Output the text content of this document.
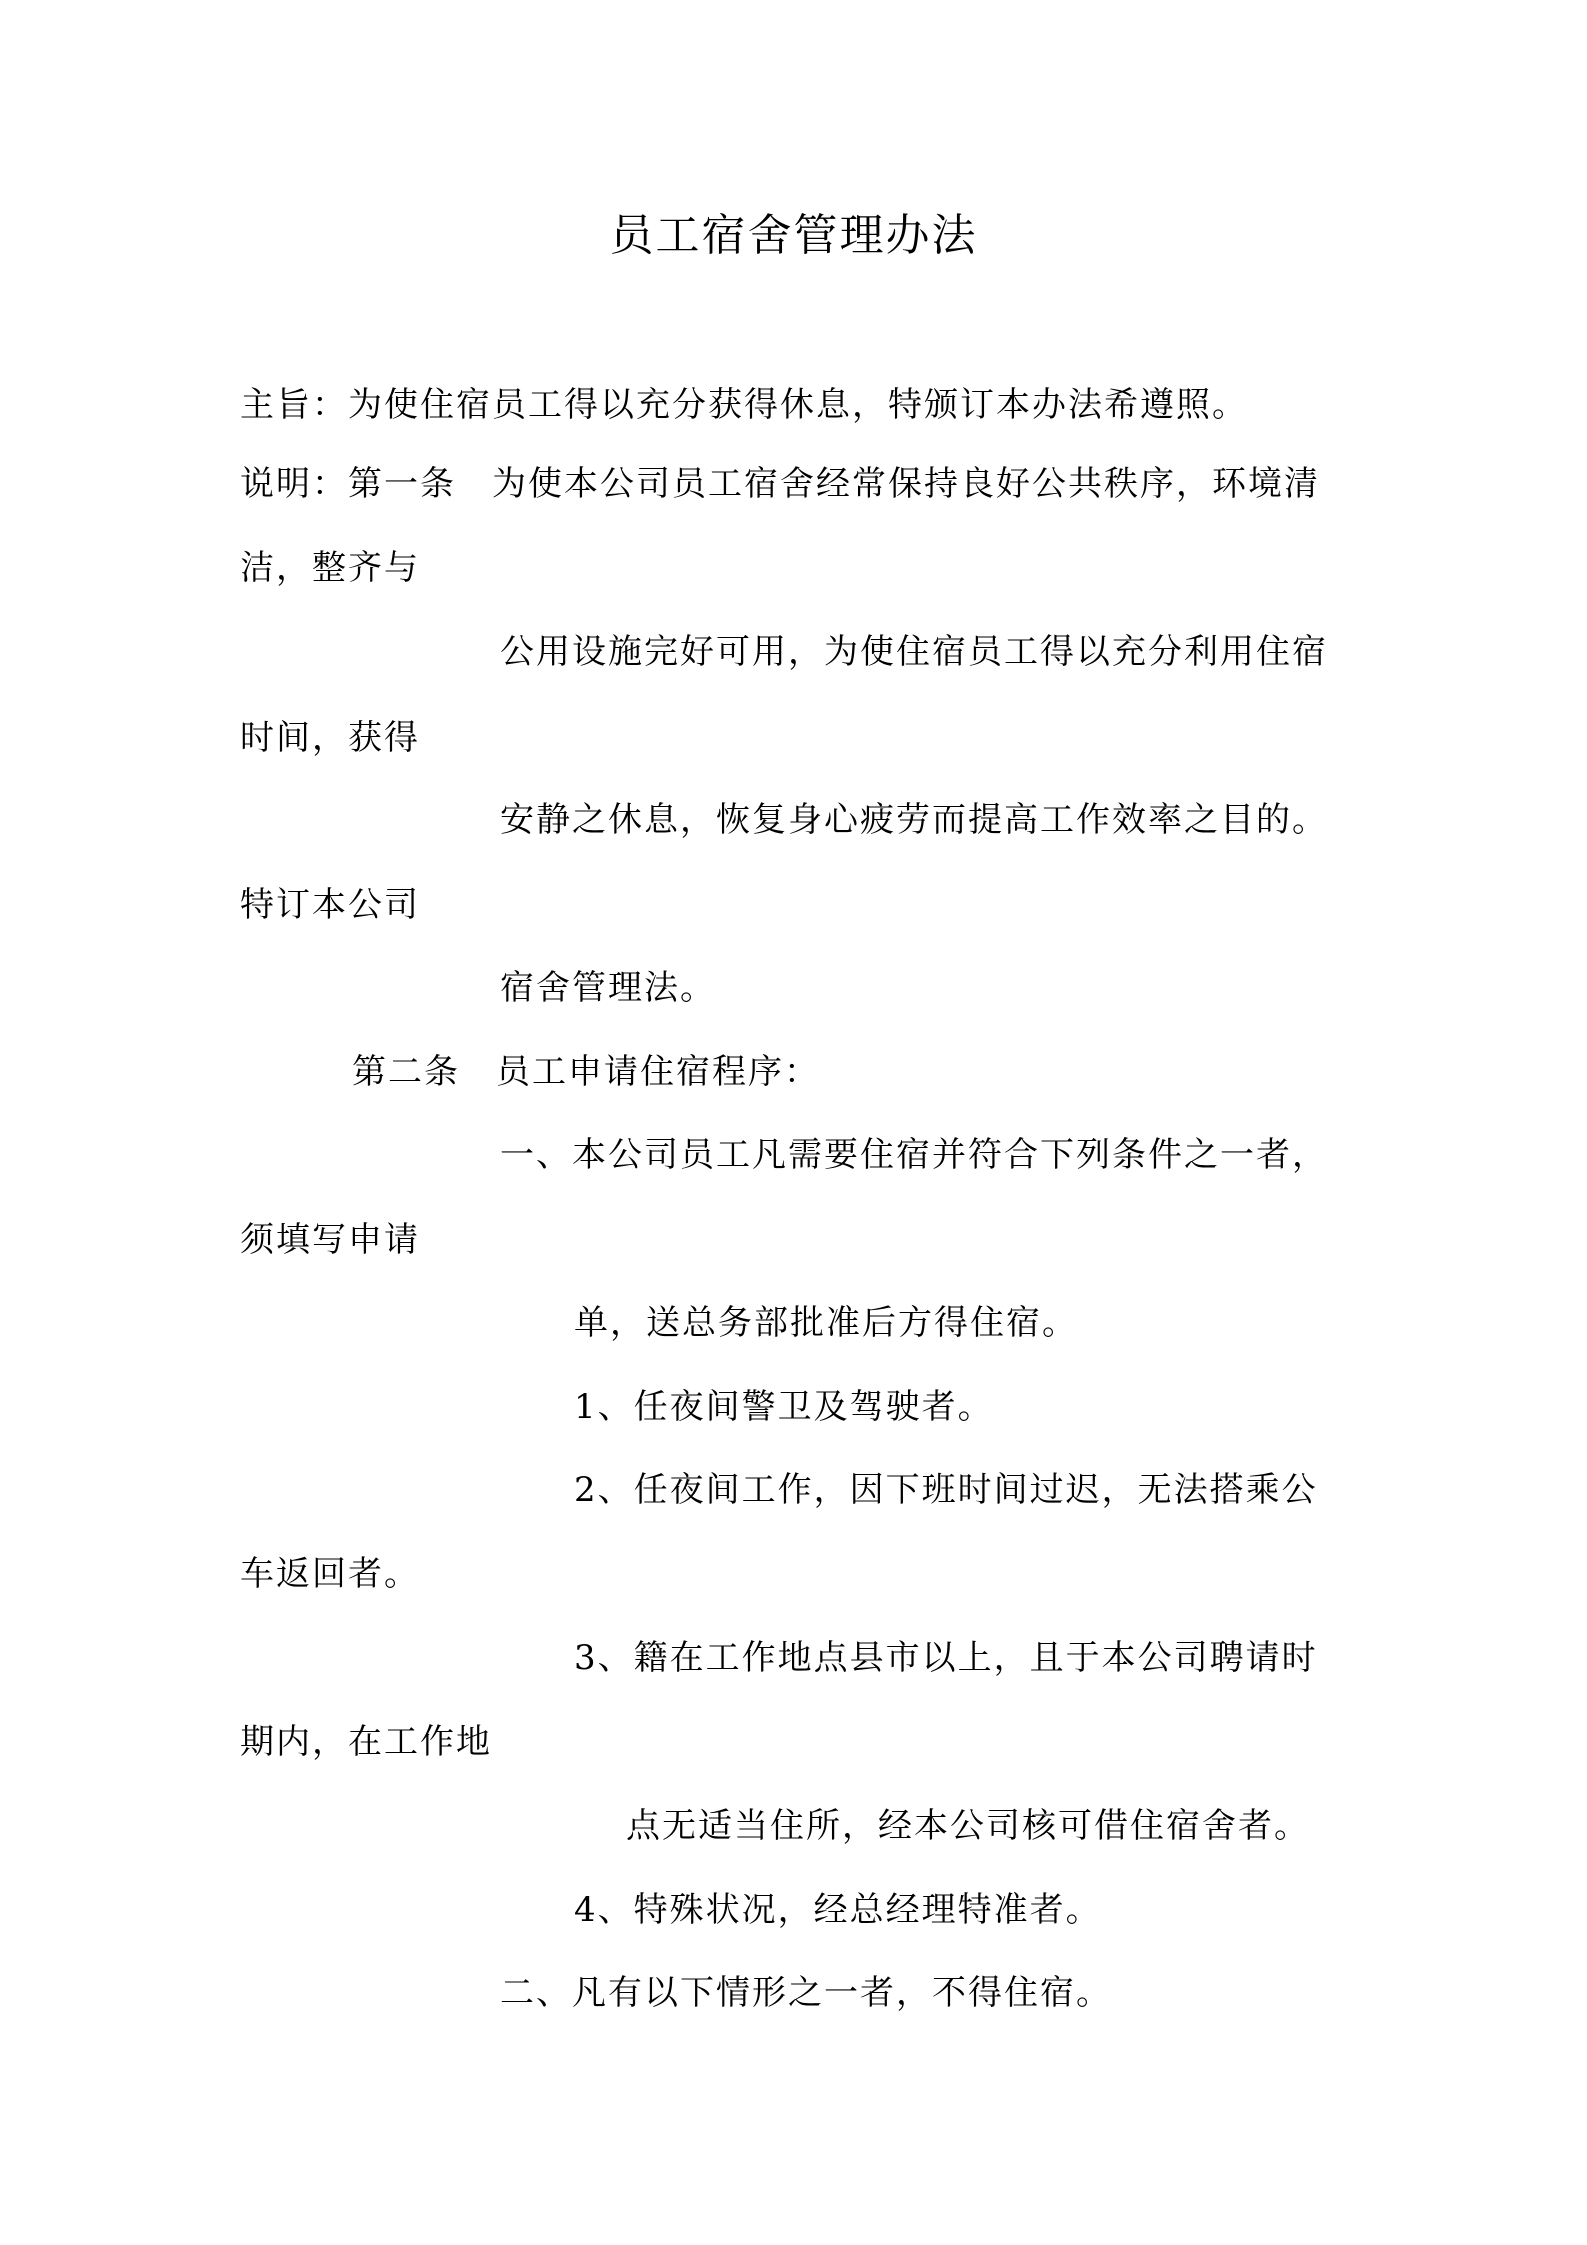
员工宿舍管理办法
主旨：为使住宿员工得以充分获得休息，特颁订本办法希遵照。
说明：第一条　为使本公司员工宿舍经常保持良好公共秩序，环境清
洁，整齐与
公用设施完好可用，为使住宿员工得以充分利用住宿
时间，获得
安静之休息，恢复身心疲劳而提高工作效率之目的。
特订本公司
宿舍管理法。
第二条　员工申请住宿程序：
一、本公司员工凡需要住宿并符合下列条件之一者，
须填写申请
单，送总务部批准后方得住宿。
1、任夜间警卫及驾驶者。
2、任夜间工作，因下班时间过迟，无法搭乘公
车返回者。
3、籍在工作地点县市以上，且于本公司聘请时
期内，在工作地
点无适当住所，经本公司核可借住宿舍者。
4、特殊状况，经总经理特准者。
二、凡有以下情形之一者，不得住宿。
